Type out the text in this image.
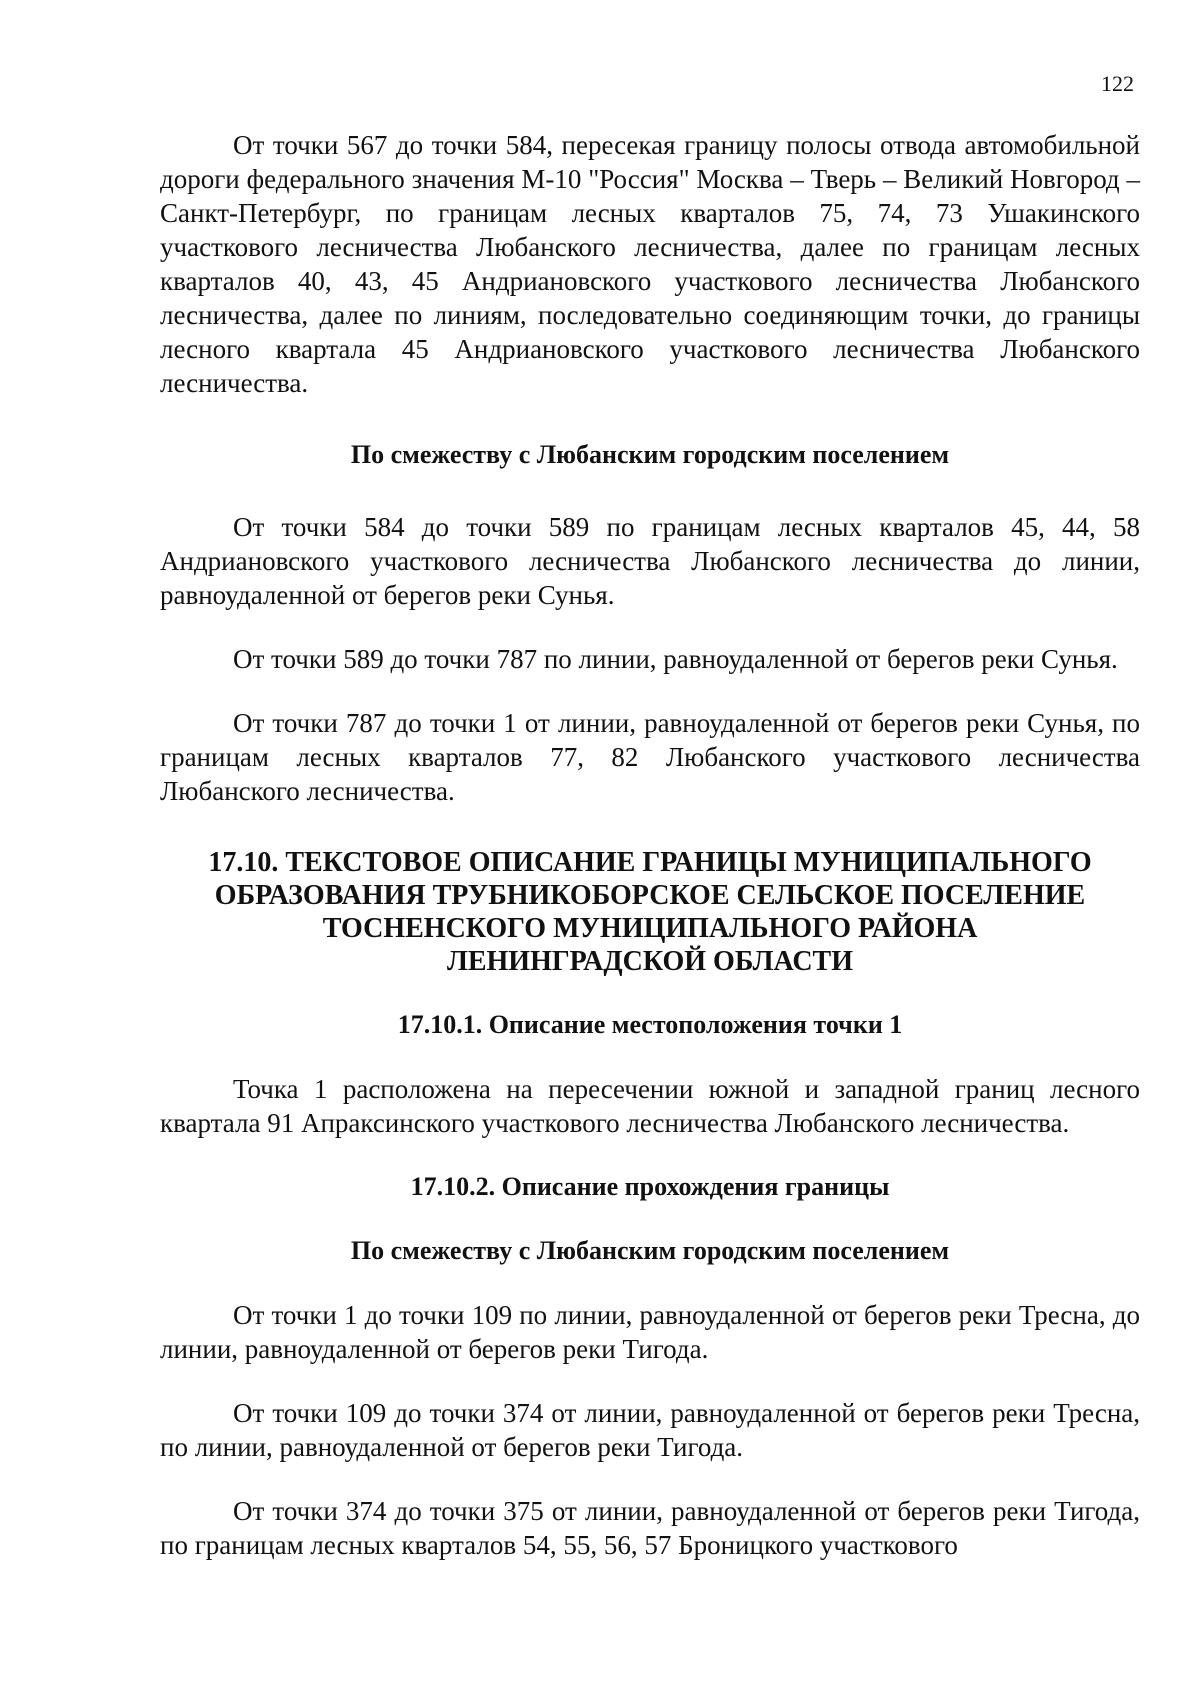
122

От точки 567 до точки 584, пересекая границу полосы отвода автомобильной дороги федерального значения М-10 "Россия" Москва – Тверь – Великий Новгород – Санкт-Петербург, по границам лесных кварталов 75, 74, 73 Ушакинского участкового лесничества Любанского лесничества, далее по границам лесных кварталов 40, 43, 45 Андриановского участкового лесничества Любанского лесничества, далее по линиям, последовательно соединяющим точки, до границы лесного квартала 45 Андриановского участкового лесничества Любанского лесничества.

По смежеству с Любанским городским поселением

От точки 584 до точки 589 по границам лесных кварталов 45, 44, 58 Андриановского участкового лесничества Любанского лесничества до линии, равноудаленной от берегов реки Сунья.

От точки 589 до точки 787 по линии, равноудаленной от берегов реки Сунья.

От точки 787 до точки 1 от линии, равноудаленной от берегов реки Сунья, по границам лесных кварталов 77, 82 Любанского участкового лесничества Любанского лесничества.

17.10. ТЕКСТОВОЕ ОПИСАНИЕ ГРАНИЦЫ МУНИЦИПАЛЬНОГО
ОБРАЗОВАНИЯ ТРУБНИКОБОРСКОЕ СЕЛЬСКОЕ ПОСЕЛЕНИЕ
ТОСНЕНСКОГО МУНИЦИПАЛЬНОГО РАЙОНА
ЛЕНИНГРАДСКОЙ ОБЛАСТИ
17.10.1. Описание местоположения точки 1

Точка 1 расположена на пересечении южной и западной границ лесного квартала 91 Апраксинского участкового лесничества Любанского лесничества.

17.10.2. Описание прохождения границы
По смежеству с Любанским городским поселением

От точки 1 до точки 109 по линии, равноудаленной от берегов реки Тресна, до линии, равноудаленной от берегов реки Тигода.

От точки 109 до точки 374 от линии, равноудаленной от берегов реки Тресна, по линии, равноудаленной от берегов реки Тигода.

От точки 374 до точки 375 от линии, равноудаленной от берегов реки Тигода, по границам лесных кварталов 54, 55, 56, 57 Броницкого участкового
